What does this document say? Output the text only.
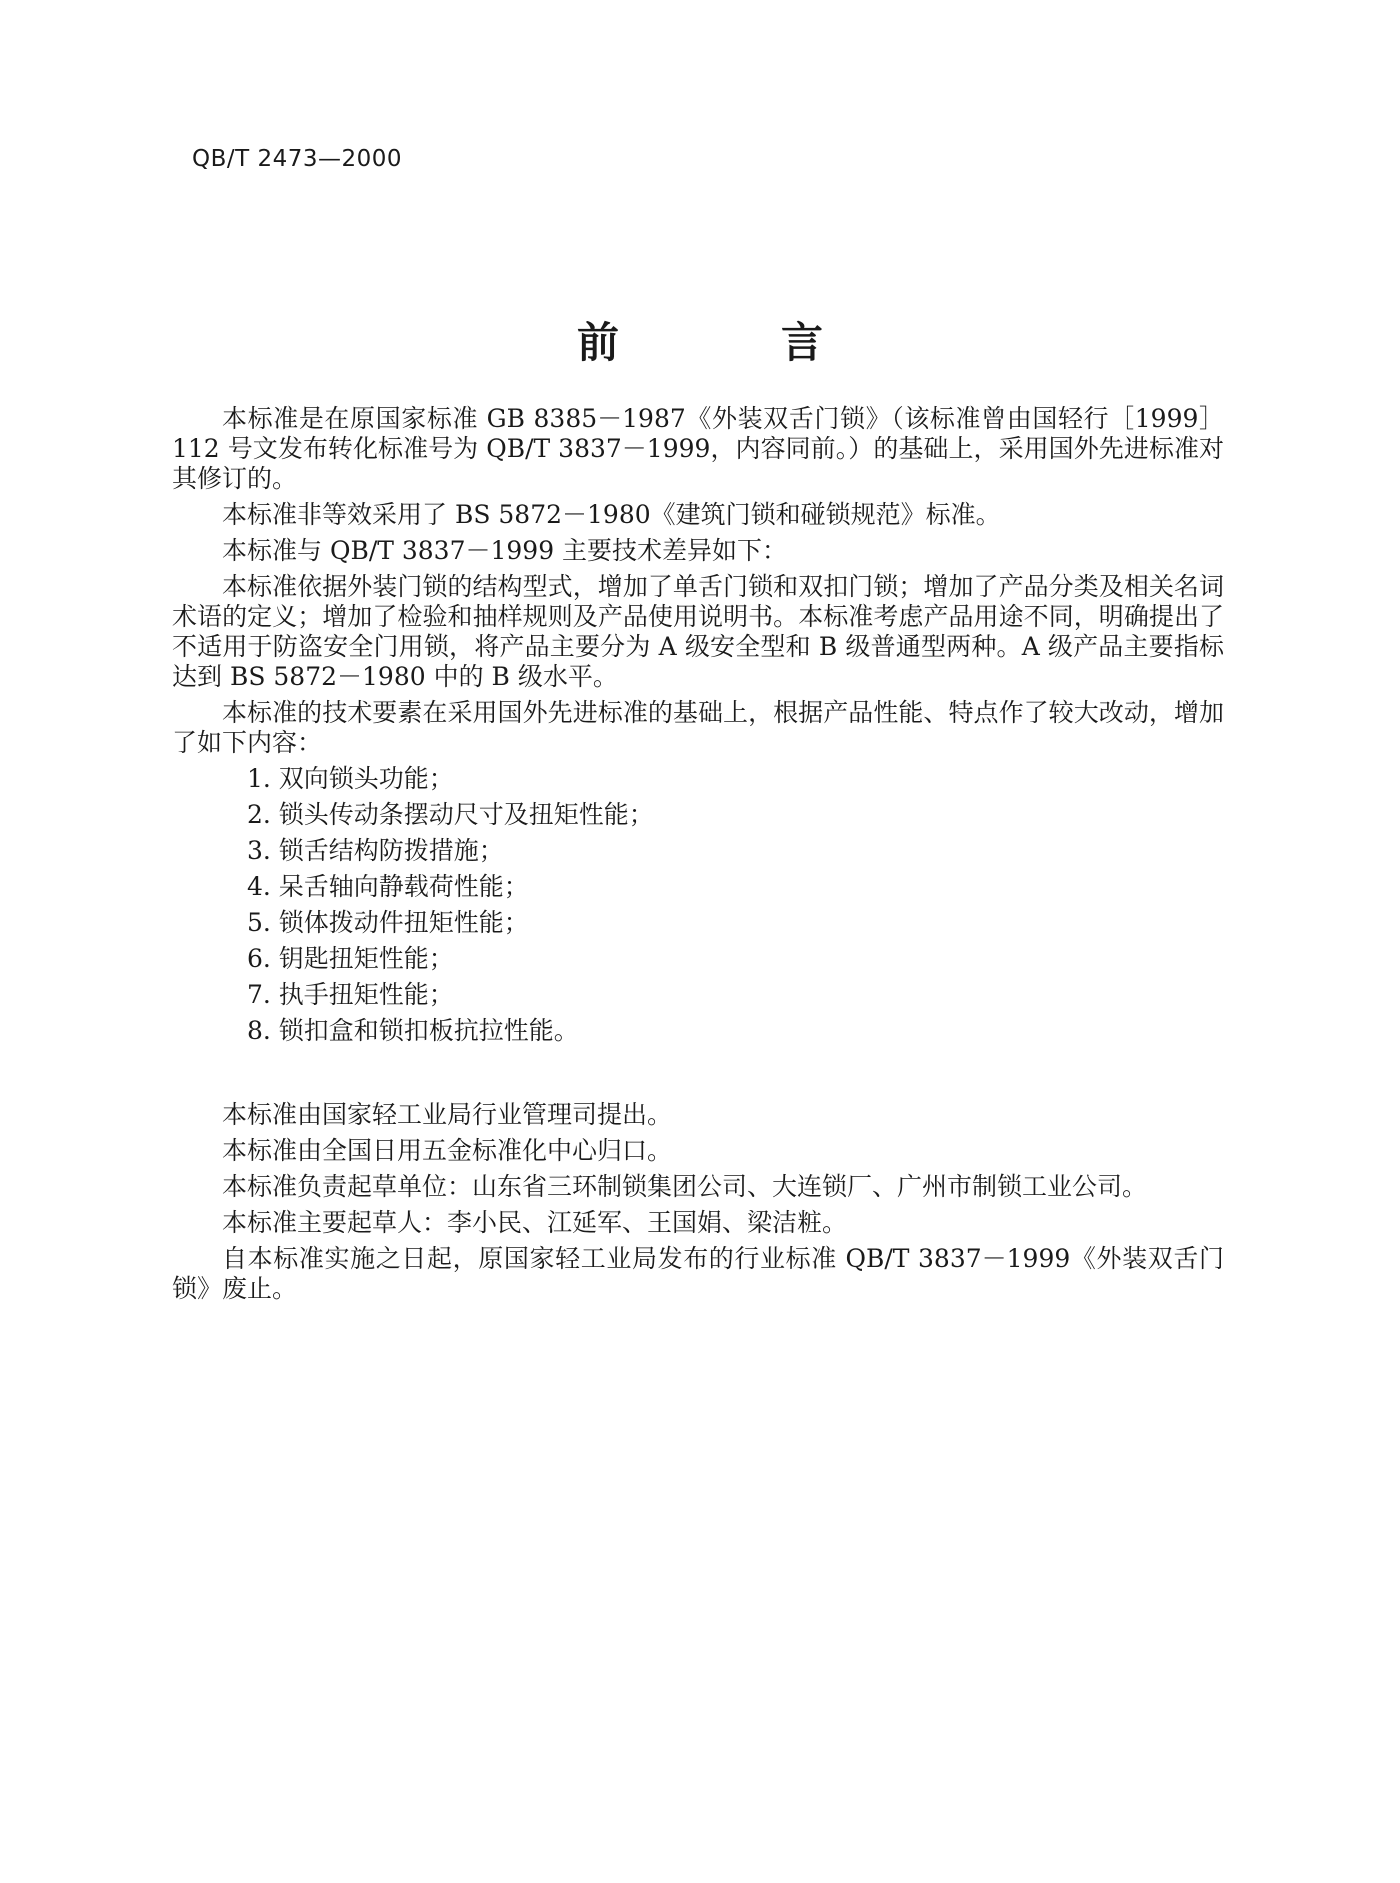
QB/T 2473—2000
前　言

本标准是在原国家标准 GB 8385－1987《外装双舌门锁》（该标准曾由国轻行［1999］112 号文发布转化标准号为 QB/T 3837－1999，内容同前。）的基础上，采用国外先进标准对其修订的。

本标准非等效采用了 BS 5872－1980《建筑门锁和碰锁规范》标准。

本标准与 QB/T 3837－1999 主要技术差异如下：

本标准依据外装门锁的结构型式，增加了单舌门锁和双扣门锁；增加了产品分类及相关名词术语的定义；增加了检验和抽样规则及产品使用说明书。本标准考虑产品用途不同，明确提出了不适用于防盗安全门用锁，将产品主要分为 A 级安全型和 B 级普通型两种。A 级产品主要指标达到 BS 5872－1980 中的 B 级水平。

本标准的技术要素在采用国外先进标准的基础上，根据产品性能、特点作了较大改动，增加了如下内容：

1. 双向锁头功能；
2. 锁头传动条摆动尺寸及扭矩性能；
3. 锁舌结构防拨措施；
4. 呆舌轴向静载荷性能；
5. 锁体拨动件扭矩性能；
6. 钥匙扭矩性能；
7. 执手扭矩性能；
8. 锁扣盒和锁扣板抗拉性能。

本标准由国家轻工业局行业管理司提出。

本标准由全国日用五金标准化中心归口。

本标准负责起草单位：山东省三环制锁集团公司、大连锁厂、广州市制锁工业公司。

本标准主要起草人：李小民、江延军、王国娟、梁洁粧。

自本标准实施之日起，原国家轻工业局发布的行业标准 QB/T 3837－1999《外装双舌门锁》废止。
